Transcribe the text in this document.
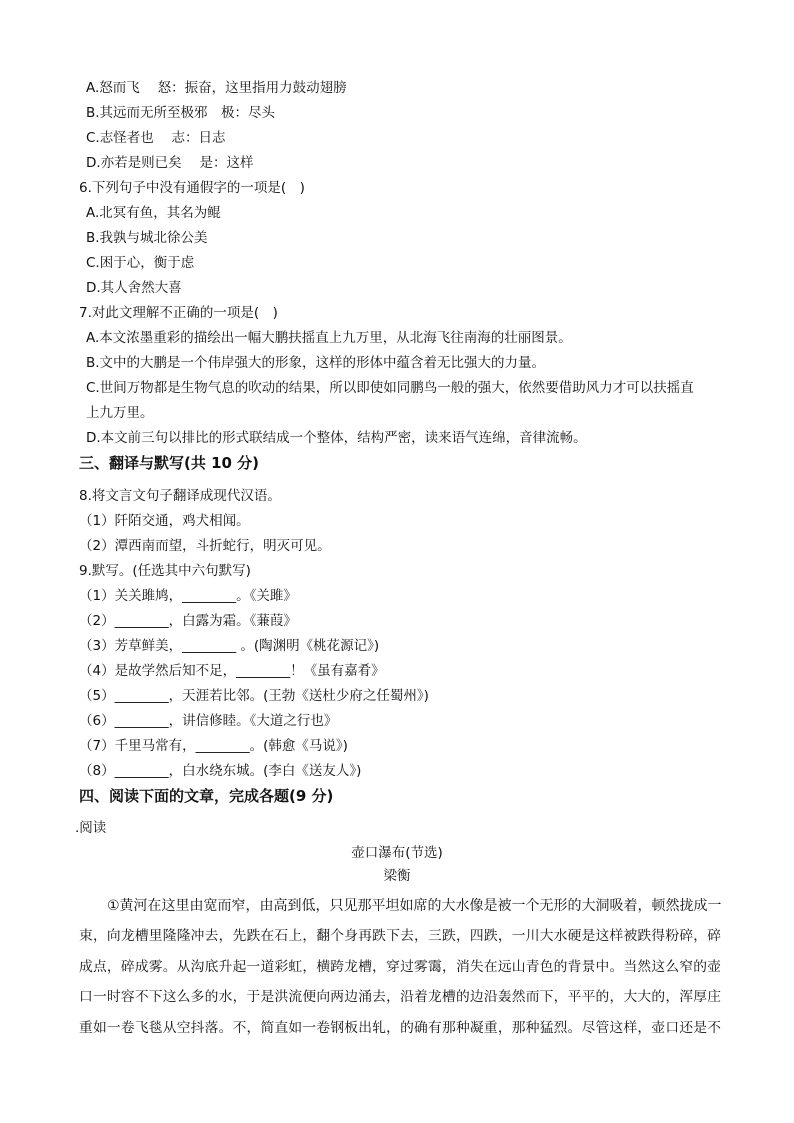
A.怒而飞　 怒：振奋，这里指用力鼓动翅膀
B.其远而无所至极邪　极：尽头
C.志怪者也　 志：日志
D.亦若是则已矣　 是：这样
6.下列句子中没有通假字的一项是(　)
A.北冥有鱼，其名为鲲
B.我孰与城北徐公美
C.困于心，衡于虑
D.其人舍然大喜
7.对此文理解不正确的一项是(　)
A.本文浓墨重彩的描绘出一幅大鹏扶摇直上九万里，从北海飞往南海的壮丽图景。
B.文中的大鹏是一个伟岸强大的形象，这样的形体中蕴含着无比强大的力量。
C.世间万物都是生物气息的吹动的结果，所以即使如同鹏鸟一般的强大，依然要借助风力才可以扶摇直
上九万里。
D.本文前三句以排比的形式联结成一个整体，结构严密，读来语气连绵，音律流畅。
三、翻译与默写(共 10 分)
8.将文言文句子翻译成现代汉语。
（1）阡陌交通，鸡犬相闻。
（2）潭西南而望，斗折蛇行，明灭可见。
9.默写。(任选其中六句默写)
（1）关关雎鸠，________。《关雎》
（2）________，白露为霜。《蒹葭》
（3）芳草鲜美，________ 。(陶渊明《桃花源记》)
（4）是故学然后知不足，________！《虽有嘉肴》
（5）________，天涯若比邻。(王勃《送杜少府之任蜀州》)
（6）________，讲信修睦。《大道之行也》
（7）千里马常有，________。(韩愈《马说》)
（8）________，白水绕东城。(李白《送友人》)
四、阅读下面的文章，完成各题(9 分)
.阅读
壶口瀑布(节选)
梁衡
　　①黄河在这里由宽而窄，由高到低，只见那平坦如席的大水像是被一个无形的大洞吸着，顿然拢成一
束，向龙槽里隆隆冲去，先跌在石上，翻个身再跌下去，三跌，四跌，一川大水硬是这样被跌得粉碎，碎
成点，碎成雾。从沟底升起一道彩虹，横跨龙槽，穿过雾霭，消失在远山青色的背景中。当然这么窄的壶
口一时容不下这么多的水，于是洪流便向两边涌去，沿着龙槽的边沿轰然而下，平平的，大大的，浑厚庄
重如一卷飞毯从空抖落。不，简直如一卷钢板出轧，的确有那种凝重，那种猛烈。尽管这样，壶口还是不
